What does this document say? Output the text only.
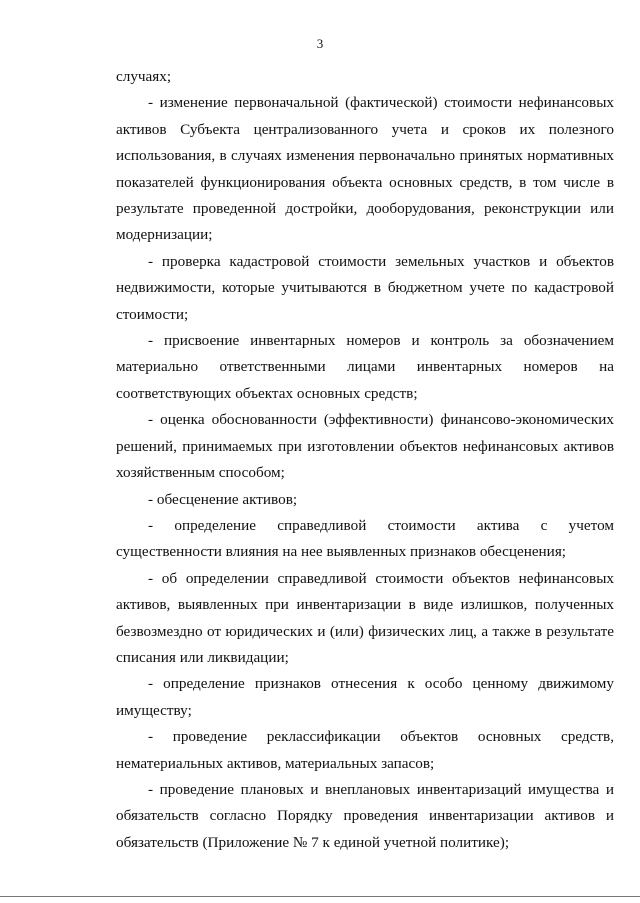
3

случаях;

- изменение первоначальной (фактической) стоимости нефинансовых активов Субъекта централизованного учета и сроков их полезного использования, в случаях изменения первоначально принятых нормативных показателей функционирования объекта основных средств, в том числе в результате проведенной достройки, дооборудования, реконструкции или модернизации;

- проверка кадастровой стоимости земельных участков и объектов недвижимости, которые учитываются в бюджетном учете по кадастровой стоимости;

- присвоение инвентарных номеров и контроль за обозначением материально ответственными лицами инвентарных номеров на соответствующих объектах основных средств;

- оценка обоснованности (эффективности) финансово-экономических решений, принимаемых при изготовлении объектов нефинансовых активов хозяйственным способом;

- обесценение активов;

- определение справедливой стоимости актива с учетом существенности влияния на нее выявленных признаков обесценения;

- об определении справедливой стоимости объектов нефинансовых активов, выявленных при инвентаризации в виде излишков, полученных безвозмездно от юридических и (или) физических лиц, а также в результате списания или ликвидации;

- определение признаков отнесения к особо ценному движимому имуществу;

- проведение реклассификации объектов основных средств, нематериальных активов, материальных запасов;

- проведение плановых и внеплановых инвентаризаций имущества и обязательств согласно Порядку проведения инвентаризации активов и обязательств (Приложение № 7 к единой учетной политике);
